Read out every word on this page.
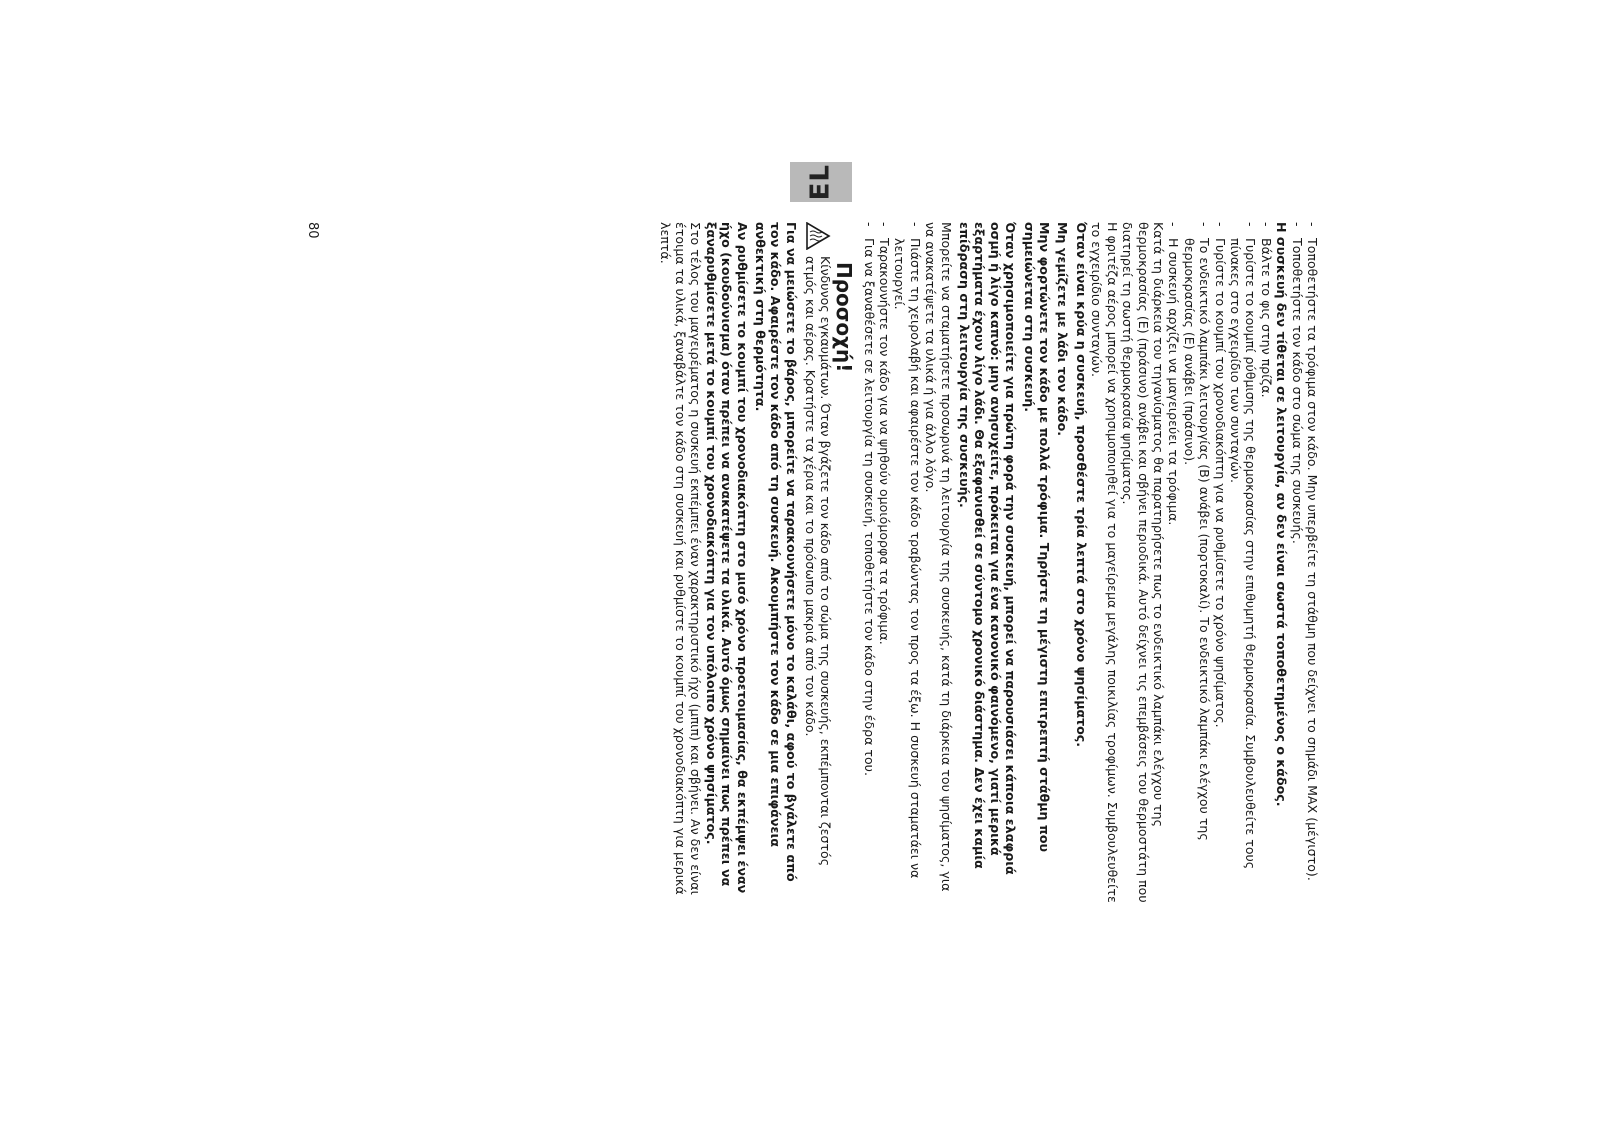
EL
-
Τοποθετήστε τα τρόφιμα στον κάδο. Μην υπερβείτε τη στάθμη που δείχνει το σημάδι MAX (μέγιστο).
-
Τοποθετήστε τον κάδο στο σώμα της συσκευής.

Η συσκευή δεν τίθεται σε λειτουργία, αν δεν είναι σωστά τοποθετημένος ο κάδος.

-
Βάλτε το φις στην πρίζα.
-
Γυρίστε το κουμπί ρύθμισης της θερμοκρασίας στην επιθυμητή θερμοκρασία. Συμβουλευθείτε τους πίνακες στο εγχειρίδιο των συνταγών.
-
Γυρίστε το κουμπί του χρονοδιακόπτη για να ρυθμίσετε το χρόνο ψησίματος.
-
Το ενδεικτικό λαμπάκι λειτουργίας (Β) ανάβει (πορτοκαλί). Το ενδεικτικό λαμπάκι ελέγχου της θερμοκρασίας (Ε) ανάβει (πράσινο).
-
Η συσκευή αρχίζει να μαγειρεύει τα τρόφιμα.

Κατά τη διάρκεια του τηγανίσματος θα παρατηρήσετε πως το ενδεικτικό λαμπάκι ελέγχου της θερμοκρασίας (Ε) (πράσινο) ανάβει και σβήνει περιοδικά. Αυτό δείχνει τις επεμβάσεις του θερμοστάτη που διατηρεί τη σωστή θερμοκρασία ψησίματος.

Η φριτέζα αέρος μπορεί να χρησιμοποιηθεί για το μαγείρεμα μεγάλης ποικιλίας τροφίμων. Συμβουλευθείτε το εγχειρίδιο συνταγών.

Όταν είναι κρύα η συσκευή, προσθέστε τρία λεπτά στο χρόνο ψησίματος.

Μη γεμίζετε με λάδι τον κάδο.

Μην φορτώνετε τον κάδο με πολλά τρόφιμα. Τηρήστε τη μέγιστη επιτρεπτή στάθμη που σημειώνεται στη συσκευή.

Όταν χρησιμοποιείτε για πρώτη φορά την συσκευή, μπορεί να παρουσιάσει κάποια ελαφριά οσμή ή λίγο καπνό: μην ανησυχείτε, πρόκειται για ένα κανονικό φαινόμενο, γιατί μερικά εξαρτήματα έχουν λίγο λάδι. Θα εξαφανισθεί σε σύντομο χρονικό διάστημα. Δεν έχει καμία επίδραση στη λειτουργία της συσκευής.

Μπορείτε να σταματήσετε προσωρινά τη λειτουργία της συσκευής, κατά τη διάρκεια του ψησίματος, για να ανακατέψετε τα υλικά ή για άλλο λόγο.

-
Πιάστε τη χειρολαβή και αφαιρέστε τον κάδο τραβώντας τον προς τα έξω. Η συσκευή σταματάει να λειτουργεί.
-
Ταρακουνήστε τον κάδο για να ψηθούν ομοιόμορφα τα τρόφιμα.
-
Για να ξαναθέσετε σε λειτουργία τη συσκευή, τοποθετήστε τον κάδο στην έδρα του.
Προσοχή!
Κίνδυνος εγκαυμάτων. Όταν βγάζετε τον κάδο από το σώμα της συσκευής, εκπέμπονται ζεστός ατμός και αέρας. Κρατήστε τα χέρια και το πρόσωπο μακριά από τον κάδο.

Για να μειώσετε το βάρος, μπορείτε να ταρακουνήσετε μόνο το καλάθι, αφού το βγάλετε από τον κάδο. Αφαιρέστε τον κάδο από τη συσκευή. Ακουμπήστε τον κάδο σε μια επιφάνεια ανθεκτική στη θερμότητα.

Αν ρυθμίσετε το κουμπί του χρονοδιακόπτη στο μισό χρόνο προετοιμασίας, θα εκπέμψει έναν ήχο (κουδούνισμα) όταν πρέπει να ανακατέψετε τα υλικά. Αυτό όμως σημαίνει πως πρέπει να ξαναρυθμίσετε μετά το κουμπί του χρονοδιακόπτη για τον υπόλοιπο χρόνο ψησίματος.

Στο τέλος του μαγειρέματος η συσκευή εκπέμπει έναν χαρακτηριστικό ήχο (μπιπ) και σβήνει. Αν δεν είναι έτοιμα τα υλικά, ξαναβάλτε τον κάδο στη συσκευή και ρυθμίστε το κουμπί του χρονοδιακόπτη για μερικά λεπτά.

80
